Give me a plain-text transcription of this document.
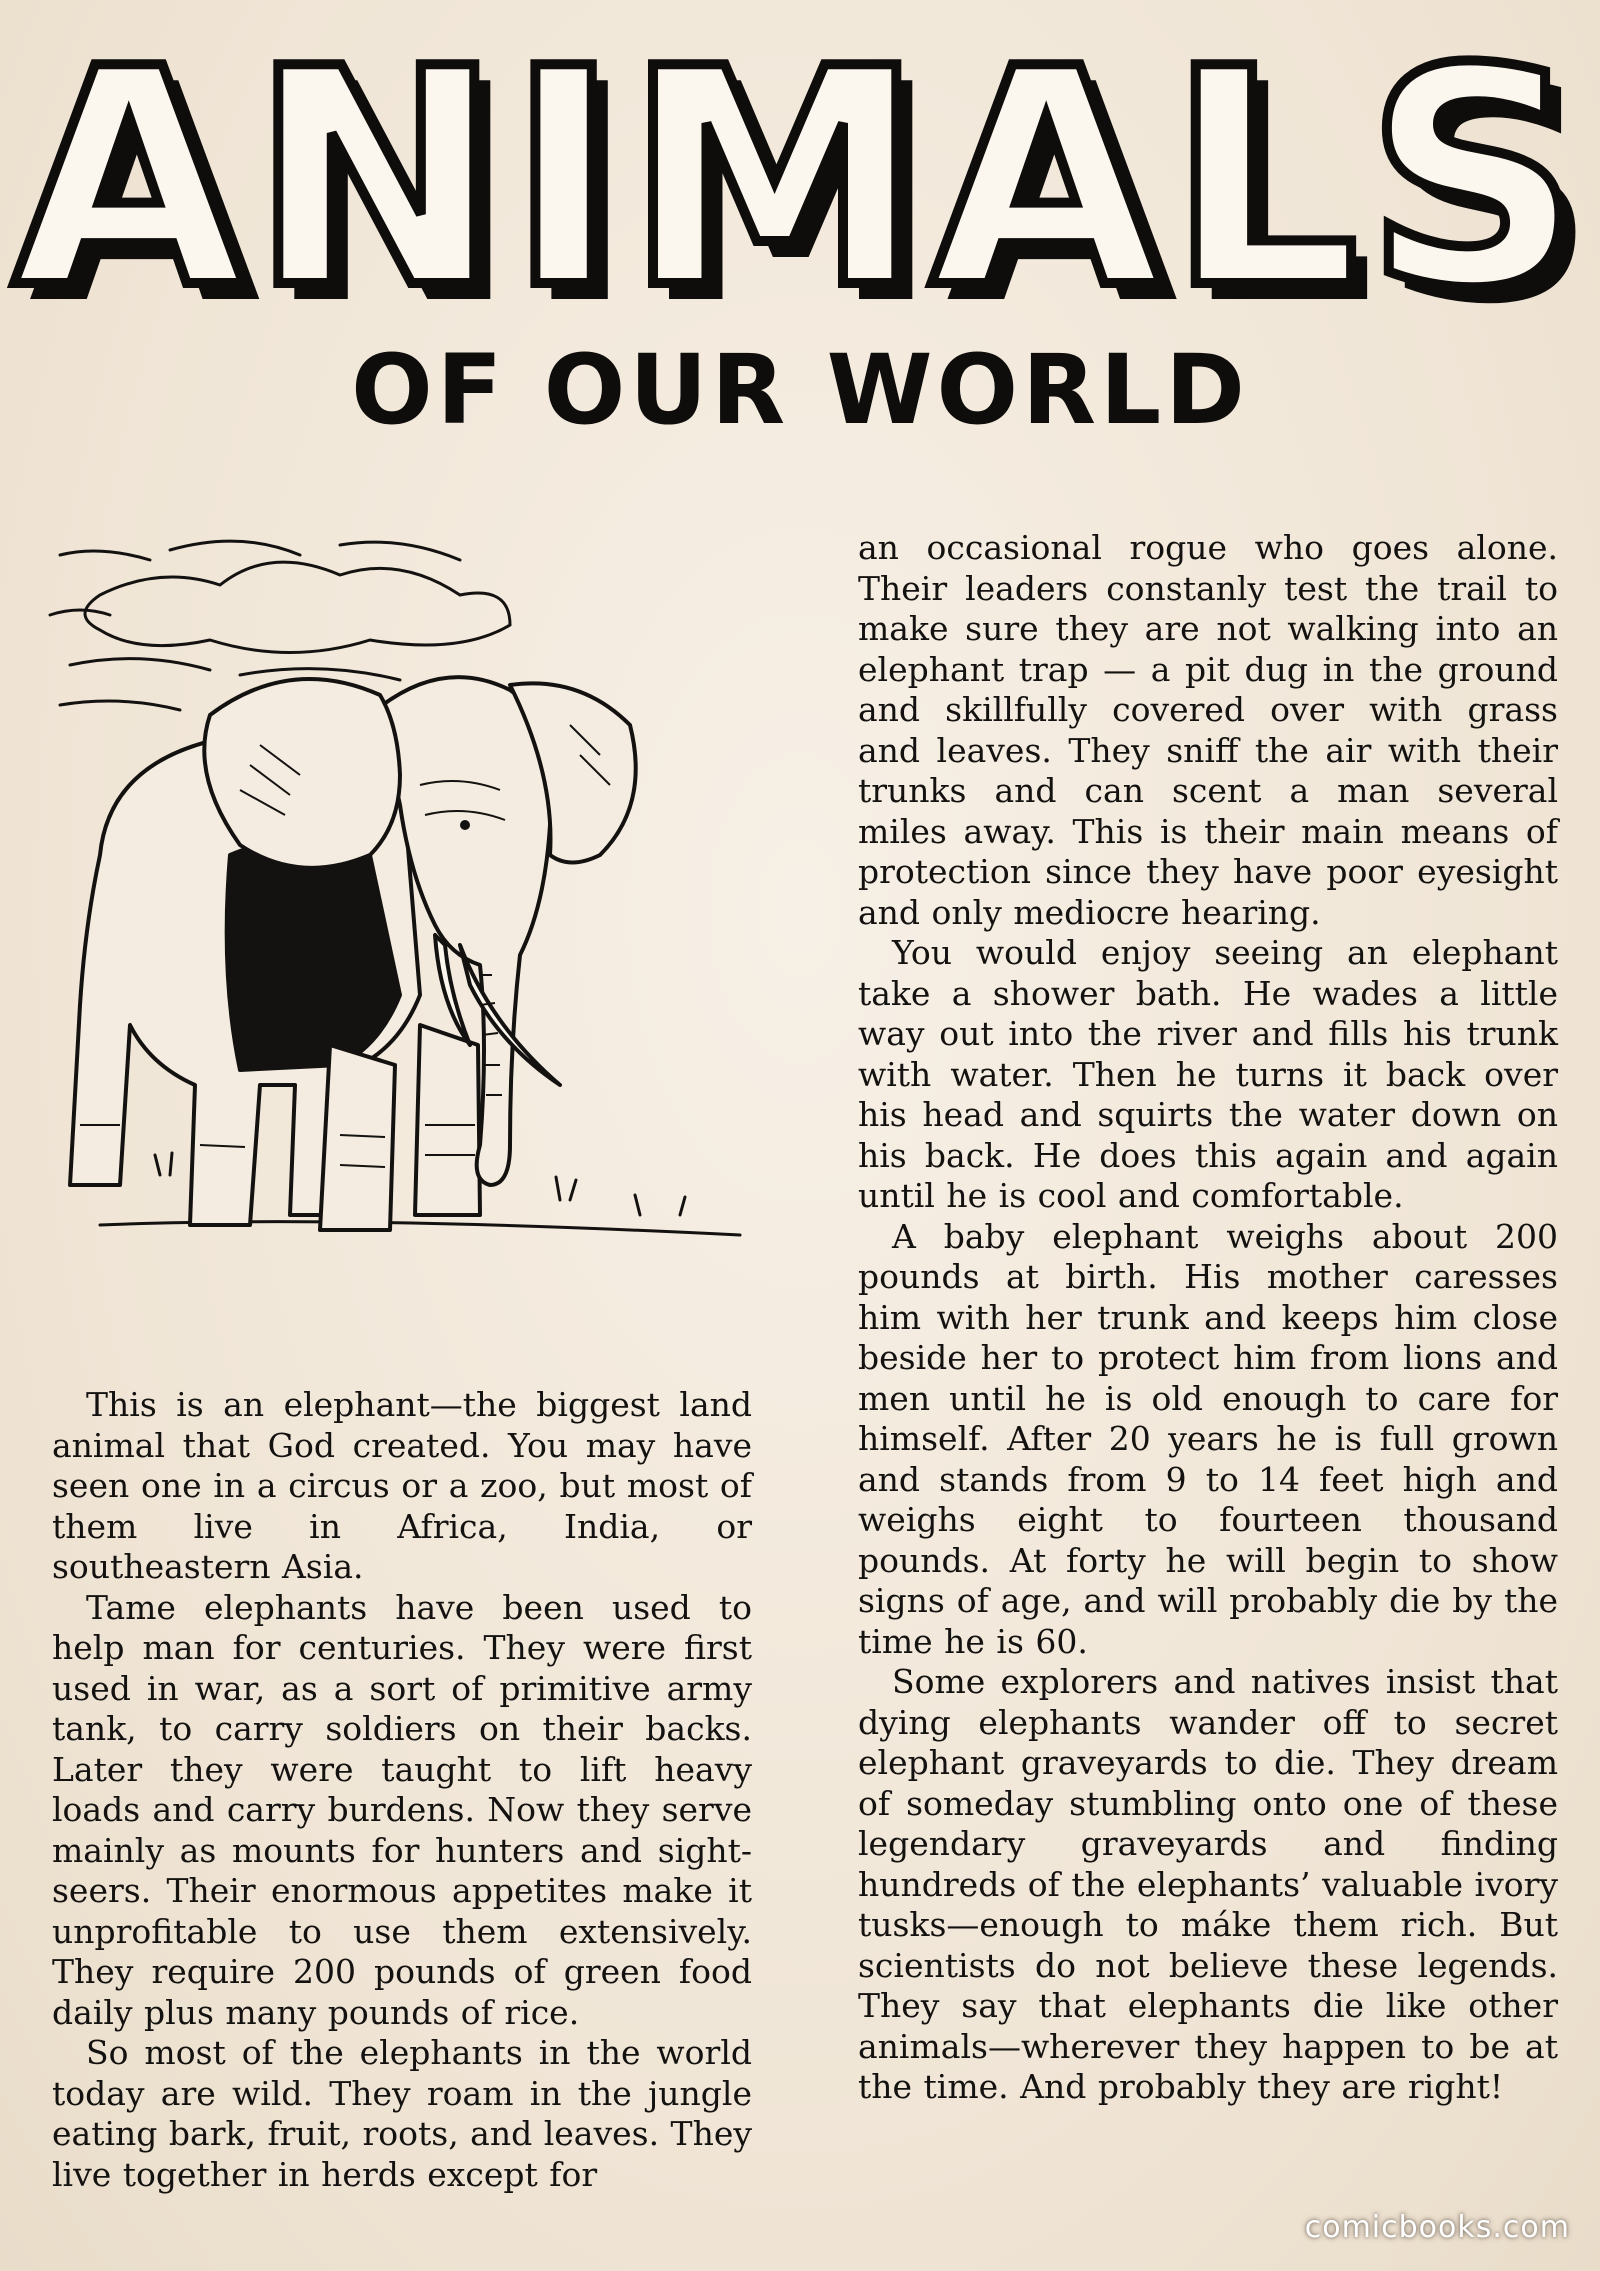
ANIMALS
OF OUR WORLD

This is an elephant—the biggest land animal that God created. You may have seen one in a circus or a zoo, but most of them live in Africa, India, or southeastern Asia.

Tame elephants have been used to help man for centuries. They were first used in war, as a sort of primitive army tank, to carry soldiers on their backs. Later they were taught to lift heavy loads and carry burdens. Now they serve mainly as mounts for hunters and sight-seers. Their enormous appetites make it unprofitable to use them extensively. They require 200 pounds of green food daily plus many pounds of rice.

So most of the elephants in the world today are wild. They roam in the jungle eating bark, fruit, roots, and leaves. They live together in herds except for

an occasional rogue who goes alone. Their leaders constanly test the trail to make sure they are not walking into an elephant trap — a pit dug in the ground and skillfully covered over with grass and leaves. They sniff the air with their trunks and can scent a man several miles away. This is their main means of protection since they have poor eyesight and only mediocre hearing.

You would enjoy seeing an elephant take a shower bath. He wades a little way out into the river and fills his trunk with water. Then he turns it back over his head and squirts the water down on his back. He does this again and again until he is cool and comfortable.

A baby elephant weighs about 200 pounds at birth. His mother caresses him with her trunk and keeps him close beside her to protect him from lions and men until he is old enough to care for himself. After 20 years he is full grown and stands from 9 to 14 feet high and weighs eight to fourteen thousand pounds. At forty he will begin to show signs of age, and will probably die by the time he is 60.

Some explorers and natives insist that dying elephants wander off to secret elephant graveyards to die. They dream of someday stumbling onto one of these legendary graveyards and finding hundreds of the elephants’ valuable ivory tusks—enough to máke them rich. But scientists do not believe these legends. They say that elephants die like other animals—wherever they happen to be at the time. And probably they are right!

comicbooks.com
